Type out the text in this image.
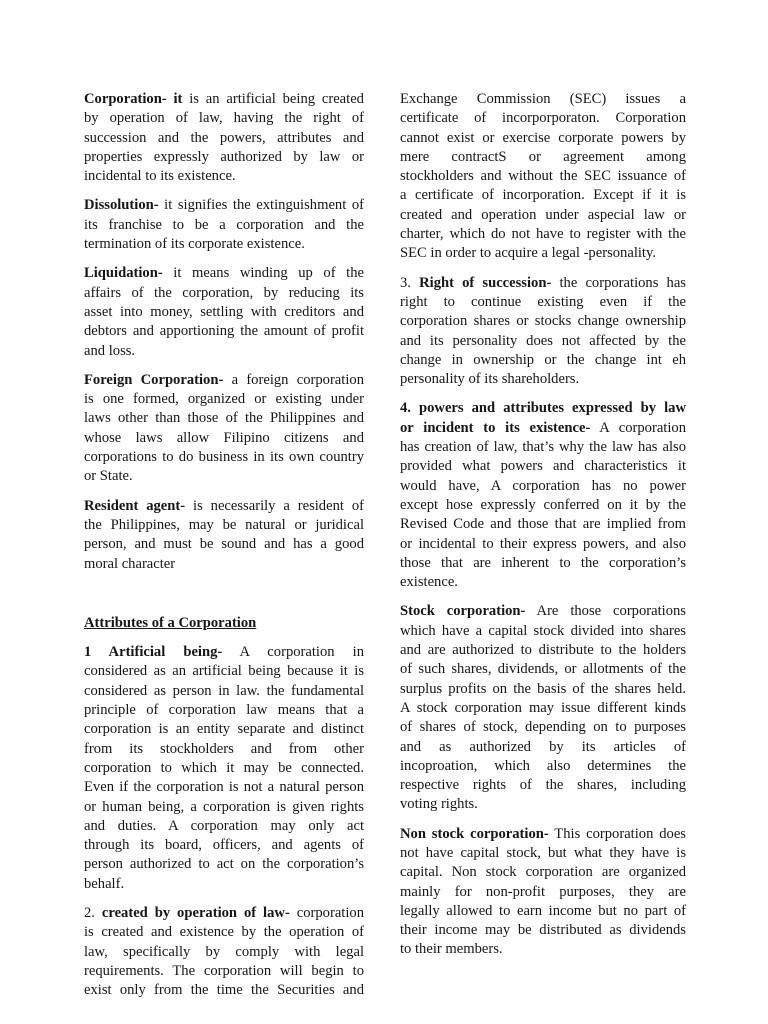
Corporation- it is an artificial being created
by operation of law, having the right of
succession and the powers, attributes and
properties expressly authorized by law or
incidental to its existence.
Dissolution- it signifies the extinguishment of
its franchise to be a corporation and the
termination of its corporate existence.
Liquidation- it means winding up of the
affairs of the corporation, by reducing its
asset into money, settling with creditors and
debtors and apportioning the amount of profit
and loss.
Foreign Corporation- a foreign corporation
is one formed, organized or existing under
laws other than those of the Philippines and
whose laws allow Filipino citizens and
corporations to do business in its own country
or State.
Resident agent- is necessarily a resident of
the Philippines, may be natural or juridical
person, and must be sound and has a good
moral character
Attributes of a Corporation
1 Artificial being- A corporation in
considered as an artificial being because it is
considered as person in law. the fundamental
principle of corporation law means that a
corporation is an entity separate and distinct
from its stockholders and from other
corporation to which it may be connected.
Even if the corporation is not a natural person
or human being, a corporation is given rights
and duties. A corporation may only act
through its board, officers, and agents of
person authorized to act on the corporation’s
behalf.
2. created by operation of law- corporation
is created and existence by the operation of
law, specifically by comply with legal
requirements. The corporation will begin to
exist only from the time the Securities and
Exchange Commission (SEC) issues a
certificate of incorporporaton. Corporation
cannot exist or exercise corporate powers by
mere contractS or agreement among
stockholders and without the SEC issuance of
a certificate of incorporation. Except if it is
created and operation under aspecial law or
charter, which do not have to register with the
SEC in order to acquire a legal -personality.
3. Right of succession- the corporations has
right to continue existing even if the
corporation shares or stocks change ownership
and its personality does not affected by the
change in ownership or the change int eh
personality of its shareholders.
4. powers and attributes expressed by law
or incident to its existence- A corporation
has creation of law, that’s why the law has also
provided what powers and characteristics it
would have, A corporation has no power
except hose expressly conferred on it by the
Revised Code and those that are implied from
or incidental to their express powers, and also
those that are inherent to the corporation’s
existence.
Stock corporation- Are those corporations
which have a capital stock divided into shares
and are authorized to distribute to the holders
of such shares, dividends, or allotments of the
surplus profits on the basis of the shares held.
A stock corporation may issue different kinds
of shares of stock, depending on to purposes
and as authorized by its articles of
incoproation, which also determines the
respective rights of the shares, including
voting rights.
Non stock corporation- This corporation does
not have capital stock, but what they have is
capital. Non stock corporation are organized
mainly for non-profit purposes, they are
legally allowed to earn income but no part of
their income may be distributed as dividends
to their members.
